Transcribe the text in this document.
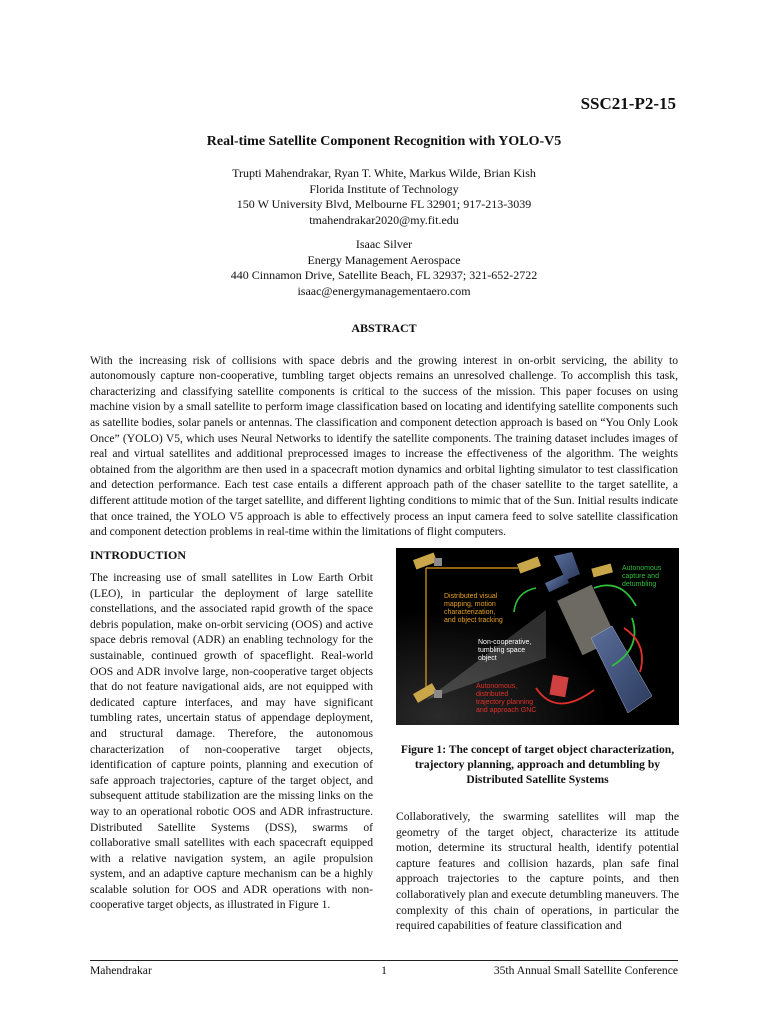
SSC21-P2-15
Real-time Satellite Component Recognition with YOLO-V5
Trupti Mahendrakar, Ryan T. White, Markus Wilde, Brian Kish
Florida Institute of Technology
150 W University Blvd, Melbourne FL 32901; 917-213-3039
tmahendrakar2020@my.fit.edu
Isaac Silver
Energy Management Aerospace
440 Cinnamon Drive, Satellite Beach, FL 32937; 321-652-2722
isaac@energymanagementaero.com
ABSTRACT

With the increasing risk of collisions with space debris and the growing interest in on-orbit servicing, the ability to autonomously capture non-cooperative, tumbling target objects remains an unresolved challenge. To accomplish this task, characterizing and classifying satellite components is critical to the success of the mission. This paper focuses on using machine vision by a small satellite to perform image classification based on locating and identifying satellite components such as satellite bodies, solar panels or antennas. The classification and component detection approach is based on “You Only Look Once” (YOLO) V5, which uses Neural Networks to identify the satellite components. The training dataset includes images of real and virtual satellites and additional preprocessed images to increase the effectiveness of the algorithm. The weights obtained from the algorithm are then used in a spacecraft motion dynamics and orbital lighting simulator to test classification and detection performance. Each test case entails a different approach path of the chaser satellite to the target satellite, a different attitude motion of the target satellite, and different lighting conditions to mimic that of the Sun. Initial results indicate that once trained, the YOLO V5 approach is able to effectively process an input camera feed to solve satellite classification and component detection problems in real-time within the limitations of flight computers.

INTRODUCTION

The increasing use of small satellites in Low Earth Orbit (LEO), in particular the deployment of large satellite constellations, and the associated rapid growth of the space debris population, make on-orbit servicing (OOS) and active space debris removal (ADR) an enabling technology for the sustainable, continued growth of spaceflight. Real-world OOS and ADR involve large, non-cooperative target objects that do not feature navigational aids, are not equipped with dedicated capture interfaces, and may have significant tumbling rates, uncertain status of appendage deployment, and structural damage. Therefore, the autonomous characterization of non-cooperative target objects, identification of capture points, planning and execution of safe approach trajectories, capture of the target object, and subsequent attitude stabilization are the missing links on the way to an operational robotic OOS and ADR infrastructure. Distributed Satellite Systems (DSS), swarms of collaborative small satellites with each spacecraft equipped with a relative navigation system, an agile propulsion system, and an adaptive capture mechanism can be a highly scalable solution for OOS and ADR operations with non-cooperative target objects, as illustrated in Figure 1.

Distributed visual
mapping, motion
characterization,
and object tracking
Autonomous
capture and
detumbling
Non-cooperative,
tumbling space
object
Autonomous,
distributed
trajectory planning
and approach GNC

Figure 1: The concept of target object characterization, trajectory planning, approach and detumbling by Distributed Satellite Systems

Collaboratively, the swarming satellites will map the geometry of the target object, characterize its attitude motion, determine its structural health, identify potential capture features and collision hazards, plan safe final approach trajectories to the capture points, and then collaboratively plan and execute detumbling maneuvers. The complexity of this chain of operations, in particular the required capabilities of feature classification and

Mahendrakar	1	35th Annual Small Satellite Conference
